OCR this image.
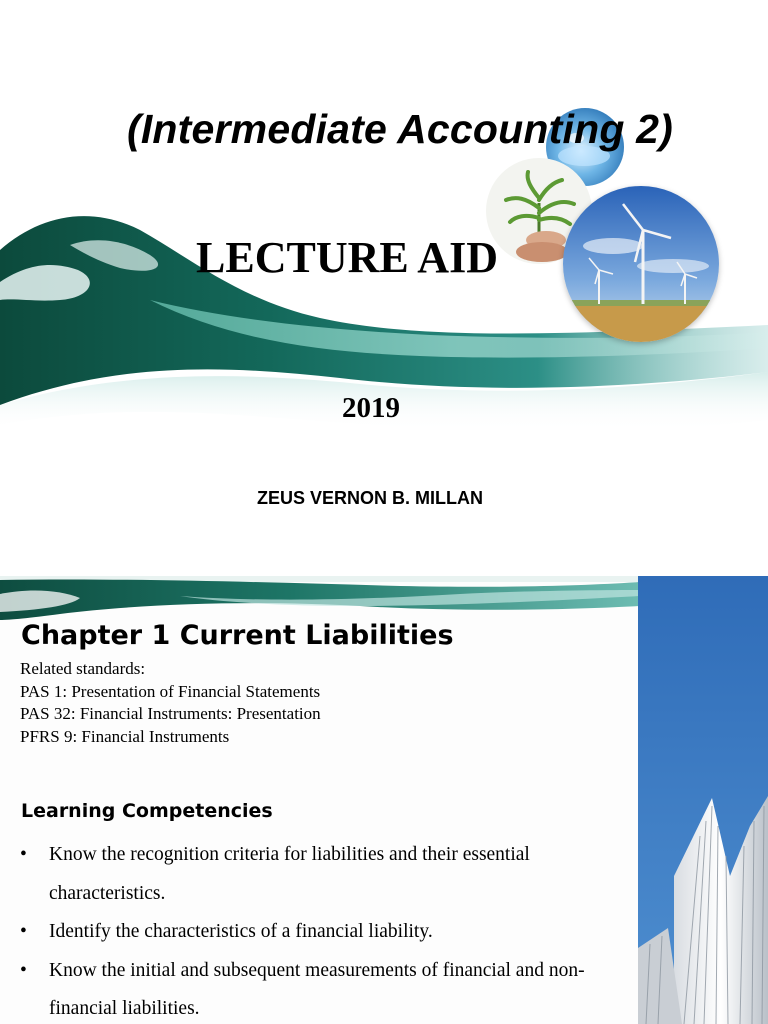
(Intermediate Accounting 2)
LECTURE AID
2019
ZEUS VERNON B. MILLAN
Chapter 1 Current Liabilities
Related standards:
PAS 1: Presentation of Financial Statements
PAS 32: Financial Instruments: Presentation
PFRS 9: Financial Instruments
Learning Competencies
• Know the recognition criteria for liabilities and their essential characteristics.
• Identify the characteristics of a financial liability.
• Know the initial and subsequent measurements of financial and non-financial liabilities.
